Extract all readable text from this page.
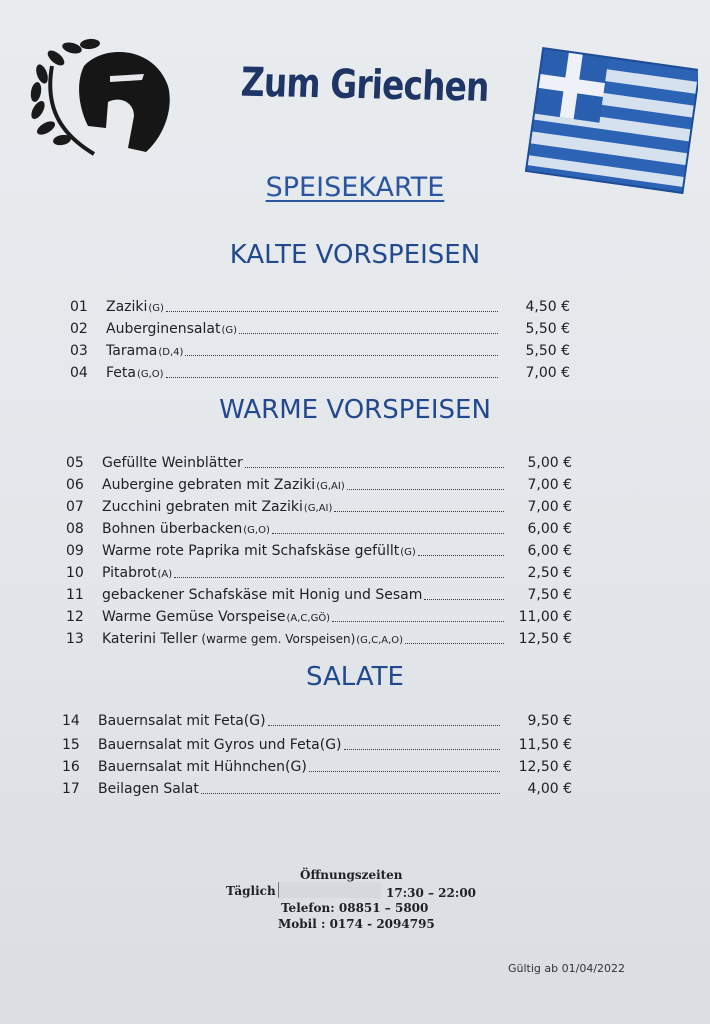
Zum Griechen
SPEISEKARTE
KALTE VORSPEISEN
WARME VORSPEISEN
SALATE
01	Zaziki(G)	4,50 €
02	Auberginensalat(G)	5,50 €
03	Tarama(D,4)	5,50 €
04	Feta(G,O)	7,00 €
05	Gefüllte Weinblätter	5,00 €
06	Aubergine gebraten mit Zaziki(G,AI)	7,00 €
07	Zucchini gebraten mit Zaziki(G,AI)	7,00 €
08	Bohnen überbacken(G,O)	6,00 €
09	Warme rote Paprika mit Schafskäse gefüllt(G)	6,00 €
10	Pitabrot(A)	2,50 €
11	gebackener Schafskäse mit Honig und Sesam	7,50 €
12	Warme Gemüse Vorspeise(A,C,GÖ)	11,00 €
13	Katerini Teller (warme gem. Vorspeisen)(G,C,A,O)	12,50 €
14	Bauernsalat mit Feta(G)	9,50 €
15	Bauernsalat mit Gyros und Feta(G)	11,50 €
16	Bauernsalat mit Hühnchen(G)	12,50 €
17	Beilagen Salat	4,00 €
Öffnungszeiten
Täglich	17:30 – 22:00
Telefon: 08851 – 5800
Mobil : 0174 - 2094795
Gültig ab 01/04/2022
